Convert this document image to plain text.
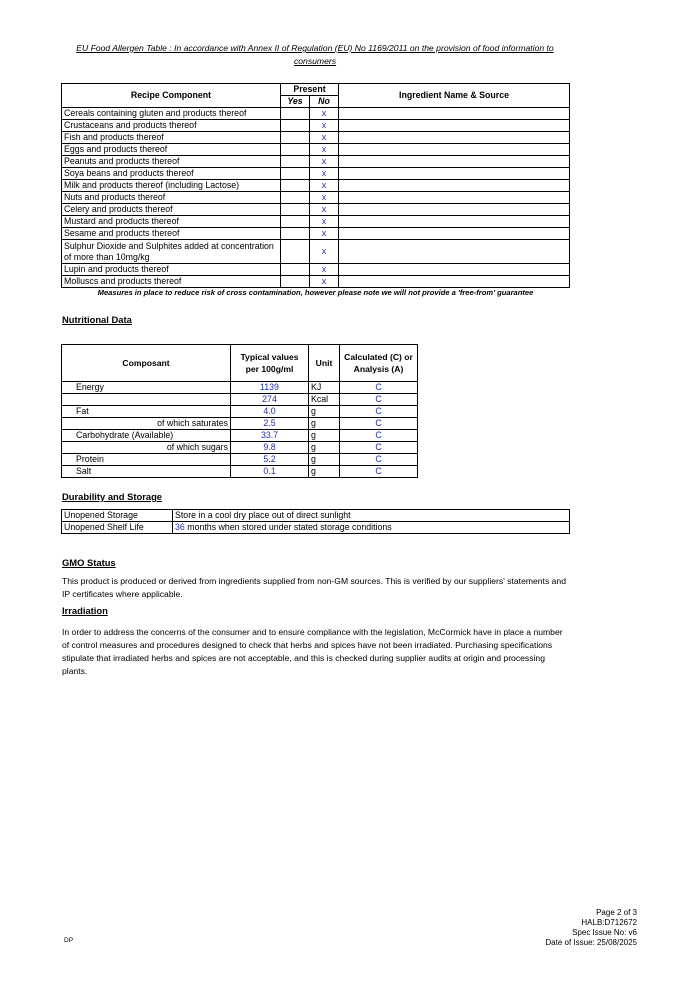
EU Food Allergen Table : In accordance with Annex II of Regulation (EU) No 1169/2011 on the provision of food information to consumers
Recipe Component	Present		Ingredient Name & Source
	Yes	No	
Cereals containing gluten and products thereof		x	
Crustaceans and products thereof		x	
Fish and products thereof		x	
Eggs and products thereof		x	
Peanuts and products thereof		x	
Soya beans and products thereof		x	
Milk and products thereof (including Lactose)		x	
Nuts and products thereof		x	
Celery and products thereof		x	
Mustard and products thereof		x	
Sesame and products thereof		x	
Sulphur Dioxide and Sulphites added at concentration of more than 10mg/kg		x	
Lupin and products thereof		x	
Molluscs and products thereof		x	
Measures in place to reduce risk of cross contamination, however please note we will not provide a 'free-from' guarantee
Nutritional Data
Composant	Typical values per 100g/ml	Unit	Calculated (C) or Analysis (A)
Energy	1139	KJ	C
	274	Kcal	C
Fat	4.0	g	C
of which saturates	2.5	g	C
Carbohydrate (Available)	33.7	g	C
of which sugars	9.8	g	C
Protein	5.2	g	C
Salt	0.1	g	C
Durability and Storage
Unopened Storage	Store in a cool dry place out of direct sunlight
Unopened Shelf Life	36 months when stored under stated storage conditions
GMO Status
This product is produced or derived from ingredients supplied from non-GM sources. This is verified by our suppliers' statements and IP certificates where applicable.
Irradiation
In order to address the concerns of the consumer and to ensure compliance with the legislation, McCormick have in place a number of control measures and procedures designed to check that herbs and spices have not been irradiated. Purchasing specifications stipulate that irradiated herbs and spices are not acceptable, and this is checked during supplier audits at origin and processing plants.
Page 2 of 3
HALB:D712672
Spec Issue No: v6
Date of Issue: 25/08/2025
DP
